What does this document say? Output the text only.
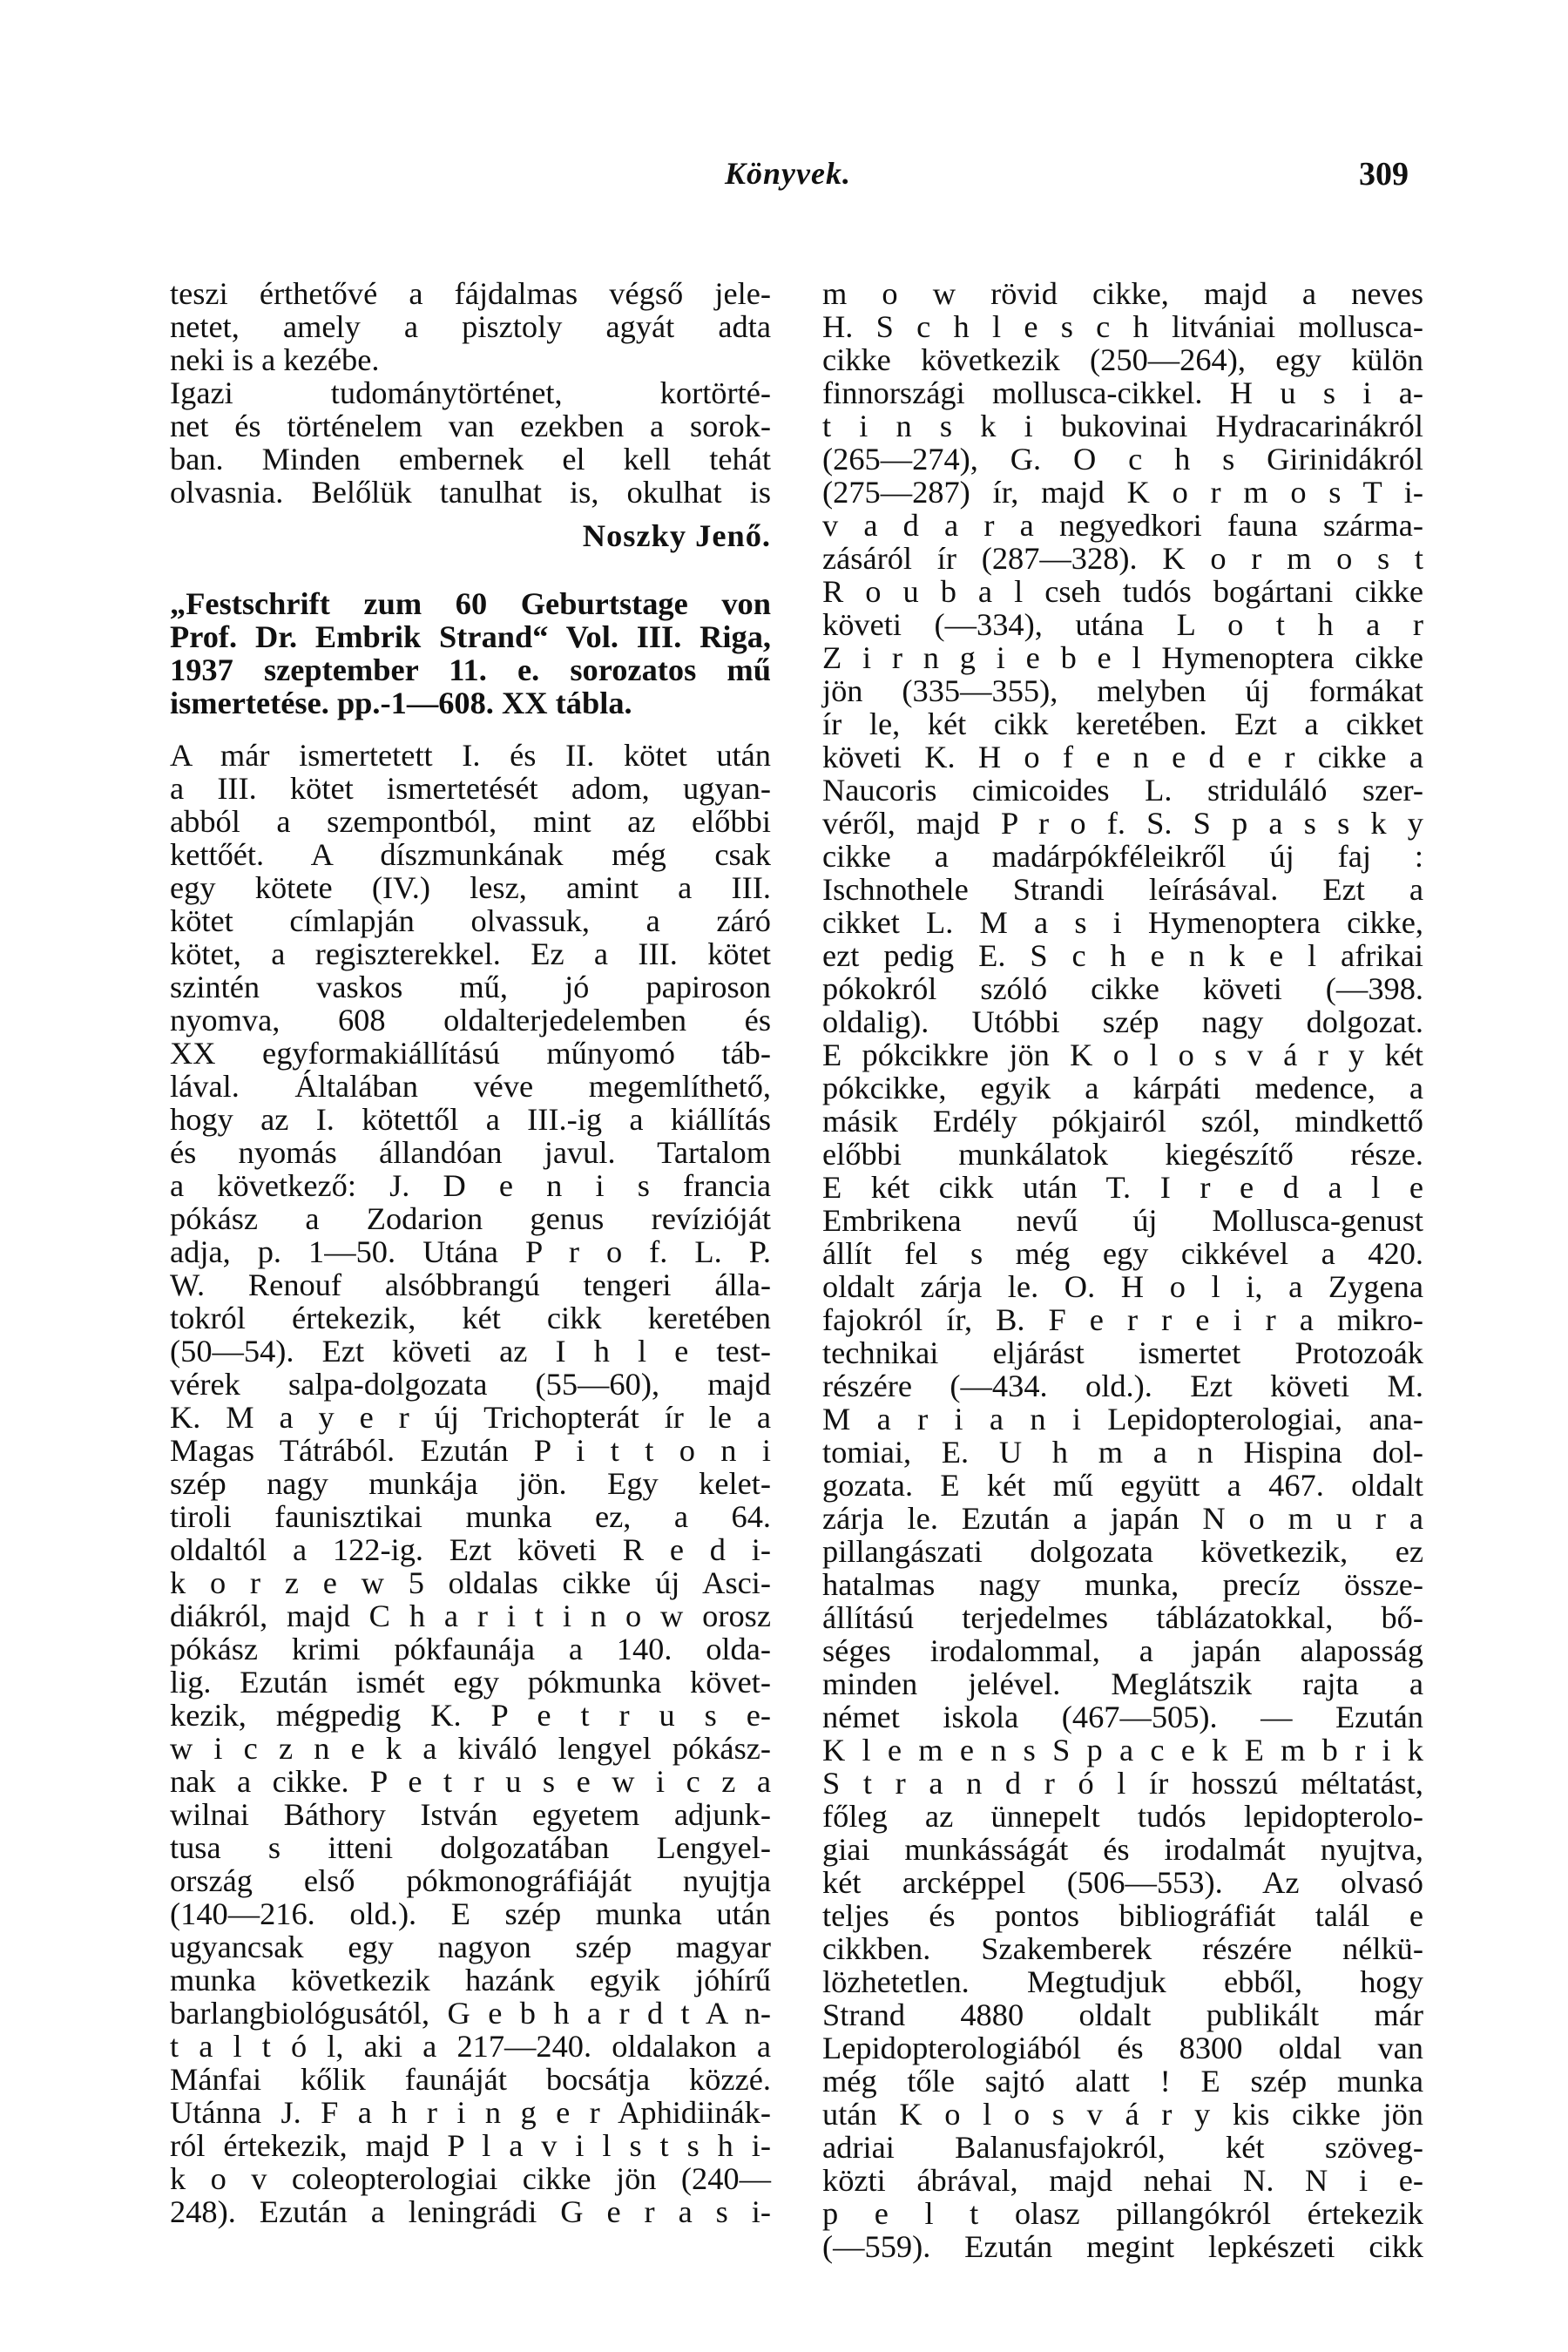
Könyvek.	309
teszi érthetővé a fájdalmas végső jele-
netet, amely a pisztoly agyát adta
neki is a kezébe.
Igazi tudománytörténet, kortörté-
net és történelem van ezekben a sorok-
ban. Minden embernek el kell tehát
olvasnia. Belőlük tanulhat is, okulhat is
Noszky Jenő.
„Festschrift zum 60 Geburtstage von
Prof. Dr. Embrik Strand“ Vol. III. Riga,
1937 szeptember 11. e. sorozatos mű
ismertetése. pp.-1—608. XX tábla.
A már ismertetett I. és II. kötet után
a III. kötet ismertetését adom, ugyan-
abból a szempontból, mint az előbbi
kettőét. A díszmunkának még csak
egy kötete (IV.) lesz, amint a III.
kötet címlapján olvassuk, a záró
kötet, a regiszterekkel. Ez a III. kötet
szintén vaskos mű, jó papiroson
nyomva, 608 oldalterjedelemben és
XX egyformakiállítású műnyomó táb-
lával. Általában véve megemlíthető,
hogy az I. kötettől a III.-ig a kiállítás
és nyomás állandóan javul. Tartalom
a következő: J. D e n i s francia
pókász a Zodarion genus revízióját
adja, p. 1—50. Utána P r o f. L. P.
W. Renouf alsóbbrangú tengeri álla-
tokról értekezik, két cikk keretében
(50—54). Ezt követi az I h l e test-
vérek salpa-dolgozata (55—60), majd
K. M a y e r új Trichopterát ír le a
Magas Tátrából. Ezután P i t t o n i
szép nagy munkája jön. Egy kelet-
tiroli faunisztikai munka ez, a 64.
oldaltól a 122-ig. Ezt követi R e d i-
k o r z e w 5 oldalas cikke új Asci-
diákról, majd C h a r i t i n o w orosz
pókász krimi pókfaunája a 140. olda-
lig. Ezután ismét egy pókmunka követ-
kezik, mégpedig K. P e t r u s e-
w i c z n e k a kiváló lengyel pókász-
nak a cikke. P e t r u s e w i c z a
wilnai Báthory István egyetem adjunk-
tusa s itteni dolgozatában Lengyel-
ország első pókmonográfiáját nyujtja
(140—216. old.). E szép munka után
ugyancsak egy nagyon szép magyar
munka következik hazánk egyik jóhírű
barlangbiológusától, G e b h a r d t A n-
t a l t ó l, aki a 217—240. oldalakon a
Mánfai kőlik faunáját bocsátja közzé.
Utánna J. F a h r i n g e r Aphidiinák-
ról értekezik, majd P l a v i l s t s h i-
k o v coleopterologiai cikke jön (240—
248). Ezután a leningrádi G e r a s i-
m o w rövid cikke, majd a neves
H. S c h l e s c h litvániai mollusca-
cikke következik (250—264), egy külön
finnországi mollusca-cikkel. H u s i a-
t i n s k i bukovinai Hydracarinákról
(265—274), G. O c h s Girinidákról
(275—287) ír, majd K o r m o s T i-
v a d a r a negyedkori fauna szárma-
zásáról ír (287—328). K o r m o s t
R o u b a l cseh tudós bogártani cikke
követi (—334), utána L o t h a r
Z i r n g i e b e l Hymenoptera cikke
jön (335—355), melyben új formákat
ír le, két cikk keretében. Ezt a cikket
követi K. H o f e n e d e r cikke a
Naucoris cimicoides L. striduláló szer-
véről, majd P r o f. S. S p a s s k y
cikke a madárpókféleikről új faj :
Ischnothele Strandi leírásával. Ezt a
cikket L. M a s i Hymenoptera cikke,
ezt pedig E. S c h e n k e l afrikai
pókokról szóló cikke követi (—398.
oldalig). Utóbbi szép nagy dolgozat.
E pókcikkre jön K o l o s v á r y két
pókcikke, egyik a kárpáti medence, a
másik Erdély pókjairól szól, mindkettő
előbbi munkálatok kiegészítő része.
E két cikk után T. I r e d a l e
Embrikena nevű új Mollusca-genust
állít fel s még egy cikkével a 420.
oldalt zárja le. O. H o l i, a Zygena
fajokról ír, B. F e r r e i r a mikro-
technikai eljárást ismertet Protozoák
részére (—434. old.). Ezt követi M.
M a r i a n i Lepidopterologiai, ana-
tomiai, E. U h m a n Hispina dol-
gozata. E két mű együtt a 467. oldalt
zárja le. Ezután a japán N o m u r a
pillangászati dolgozata következik, ez
hatalmas nagy munka, precíz össze-
állítású terjedelmes táblázatokkal, bő-
séges irodalommal, a japán alaposság
minden jelével. Meglátszik rajta a
német iskola (467—505). — Ezután
K l e m e n s S p a c e k E m b r i k
S t r a n d r ó l ír hosszú méltatást,
főleg az ünnepelt tudós lepidopterolo-
giai munkásságát és irodalmát nyujtva,
két arcképpel (506—553). Az olvasó
teljes és pontos bibliográfiát talál e
cikkben. Szakemberek részére nélkü-
lözhetetlen. Megtudjuk ebből, hogy
Strand 4880 oldalt publikált már
Lepidopterologiából és 8300 oldal van
még tőle sajtó alatt ! E szép munka
után K o l o s v á r y kis cikke jön
adriai Balanusfajokról, két szöveg-
közti ábrával, majd nehai N. N i e-
p e l t olasz pillangókról értekezik
(—559). Ezután megint lepkészeti cikk
